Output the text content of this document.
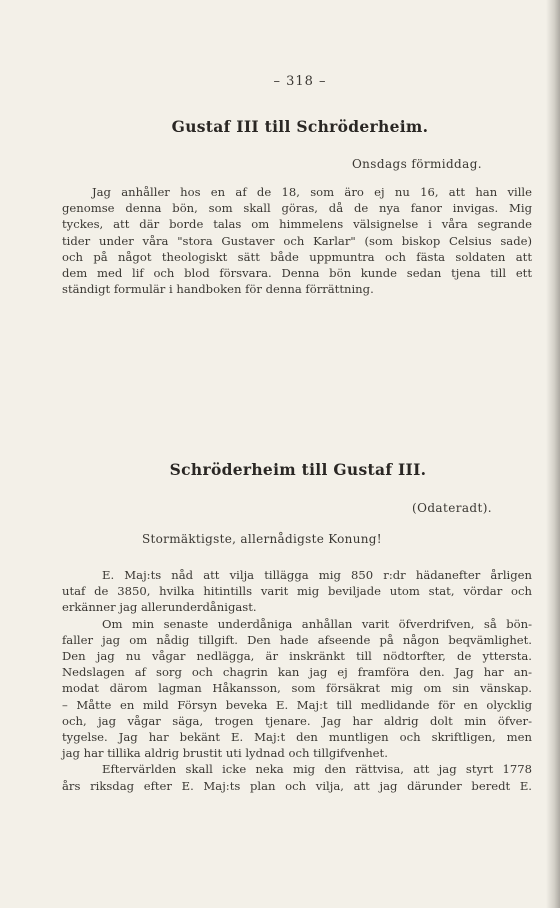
– 318 –
Gustaf III till Schröderheim.
Onsdags förmiddag.
Jag anhåller hos en af de 18, som äro ej nu 16, att han ville
genomse denna bön, som skall göras, då de nya fanor invigas. Mig
tyckes, att där borde talas om himmelens välsignelse i våra segrande
tider under våra "stora Gustaver och Karlar" (som biskop Celsius sade)
och på något theologiskt sätt både uppmuntra och fästa soldaten att
dem med lif och blod försvara. Denna bön kunde sedan tjena till ett
ständigt formulär i handboken för denna förrättning.
Schröderheim till Gustaf III.
(Odateradt).
Stormäktigste, allernådigste Konung!
E. Maj:ts nåd att vilja tillägga mig 850 r:dr hädanefter årligen
utaf de 3850, hvilka hitintills varit mig beviljade utom stat, vördar och
erkänner jag allerunderdånigast.
Om min senaste underdåniga anhållan varit öfverdrifven, så bön-
faller jag om nådig tillgift. Den hade afseende på någon beqvämlighet.
Den jag nu vågar nedlägga, är inskränkt till nödtorfter, de yttersta.
Nedslagen af sorg och chagrin kan jag ej framföra den. Jag har an-
modat därom lagman Håkansson, som försäkrat mig om sin vänskap.
– Måtte en mild Försyn beveka E. Maj:t till medlidande för en olycklig
och, jag vågar säga, trogen tjenare. Jag har aldrig dolt min öfver-
tygelse. Jag har bekänt E. Maj:t den muntligen och skriftligen, men
jag har tillika aldrig brustit uti lydnad och tillgifvenhet.
Eftervärlden skall icke neka mig den rättvisa, att jag styrt 1778
års riksdag efter E. Maj:ts plan och vilja, att jag därunder beredt E.
